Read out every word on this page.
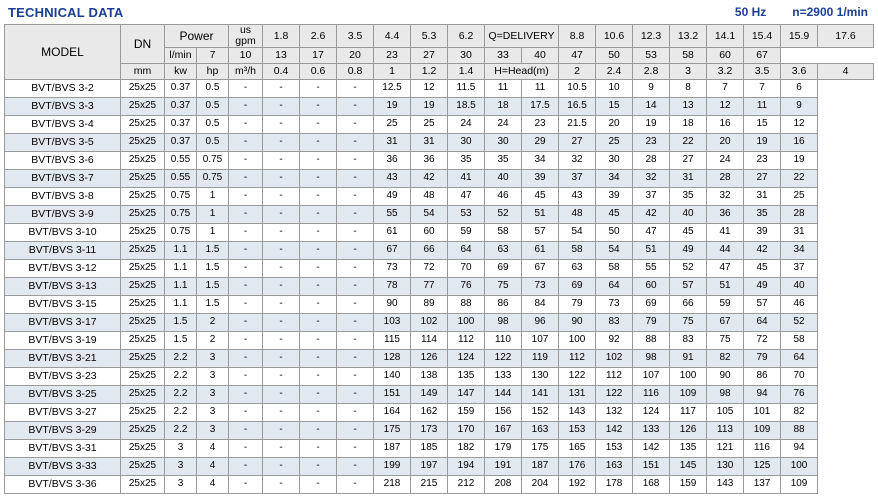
TECHNICAL DATA	50 Hz n=2900 1/min
MODEL	DN	Power		us gpm	1.8	2.6	3.5	4.4	5.3	6.2	Q=DELIVERY		8.8	10.6	12.3	13.2	14.1	15.4	15.9	17.6
		l/min	7	10	13	17	20	23	27	30	33	40	47	50	53	58	60	67		
	mm	kw	hp	m³/h	0.4	0.6	0.8	1	1.2	1.4	H=Head(m)		2	2.4	2.8	3	3.2	3.5	3.6	4
BVT/BVS 3-2	25x25	0.37	0.5	-	-	-	-	12.5	12	11.5	11	11	10.5	10	9	8	7	7	6	
BVT/BVS 3-3	25x25	0.37	0.5	-	-	-	-	19	19	18.5	18	17.5	16.5	15	14	13	12	11	9	
BVT/BVS 3-4	25x25	0.37	0.5	-	-	-	-	25	25	24	24	23	21.5	20	19	18	16	15	12	
BVT/BVS 3-5	25x25	0.37	0.5	-	-	-	-	31	31	30	30	29	27	25	23	22	20	19	16	
BVT/BVS 3-6	25x25	0.55	0.75	-	-	-	-	36	36	35	35	34	32	30	28	27	24	23	19	
BVT/BVS 3-7	25x25	0.55	0.75	-	-	-	-	43	42	41	40	39	37	34	32	31	28	27	22	
BVT/BVS 3-8	25x25	0.75	1	-	-	-	-	49	48	47	46	45	43	39	37	35	32	31	25	
BVT/BVS 3-9	25x25	0.75	1	-	-	-	-	55	54	53	52	51	48	45	42	40	36	35	28	
BVT/BVS 3-10	25x25	0.75	1	-	-	-	-	61	60	59	58	57	54	50	47	45	41	39	31	
BVT/BVS 3-11	25x25	1.1	1.5	-	-	-	-	67	66	64	63	61	58	54	51	49	44	42	34	
BVT/BVS 3-12	25x25	1.1	1.5	-	-	-	-	73	72	70	69	67	63	58	55	52	47	45	37	
BVT/BVS 3-13	25x25	1.1	1.5	-	-	-	-	78	77	76	75	73	69	64	60	57	51	49	40	
BVT/BVS 3-15	25x25	1.1	1.5	-	-	-	-	90	89	88	86	84	79	73	69	66	59	57	46	
BVT/BVS 3-17	25x25	1.5	2	-	-	-	-	103	102	100	98	96	90	83	79	75	67	64	52	
BVT/BVS 3-19	25x25	1.5	2	-	-	-	-	115	114	112	110	107	100	92	88	83	75	72	58	
BVT/BVS 3-21	25x25	2.2	3	-	-	-	-	128	126	124	122	119	112	102	98	91	82	79	64	
BVT/BVS 3-23	25x25	2.2	3	-	-	-	-	140	138	135	133	130	122	112	107	100	90	86	70	
BVT/BVS 3-25	25x25	2.2	3	-	-	-	-	151	149	147	144	141	131	122	116	109	98	94	76	
BVT/BVS 3-27	25x25	2.2	3	-	-	-	-	164	162	159	156	152	143	132	124	117	105	101	82	
BVT/BVS 3-29	25x25	2.2	3	-	-	-	-	175	173	170	167	163	153	142	133	126	113	109	88	
BVT/BVS 3-31	25x25	3	4	-	-	-	-	187	185	182	179	175	165	153	142	135	121	116	94	
BVT/BVS 3-33	25x25	3	4	-	-	-	-	199	197	194	191	187	176	163	151	145	130	125	100	
BVT/BVS 3-36	25x25	3	4	-	-	-	-	218	215	212	208	204	192	178	168	159	143	137	109	
